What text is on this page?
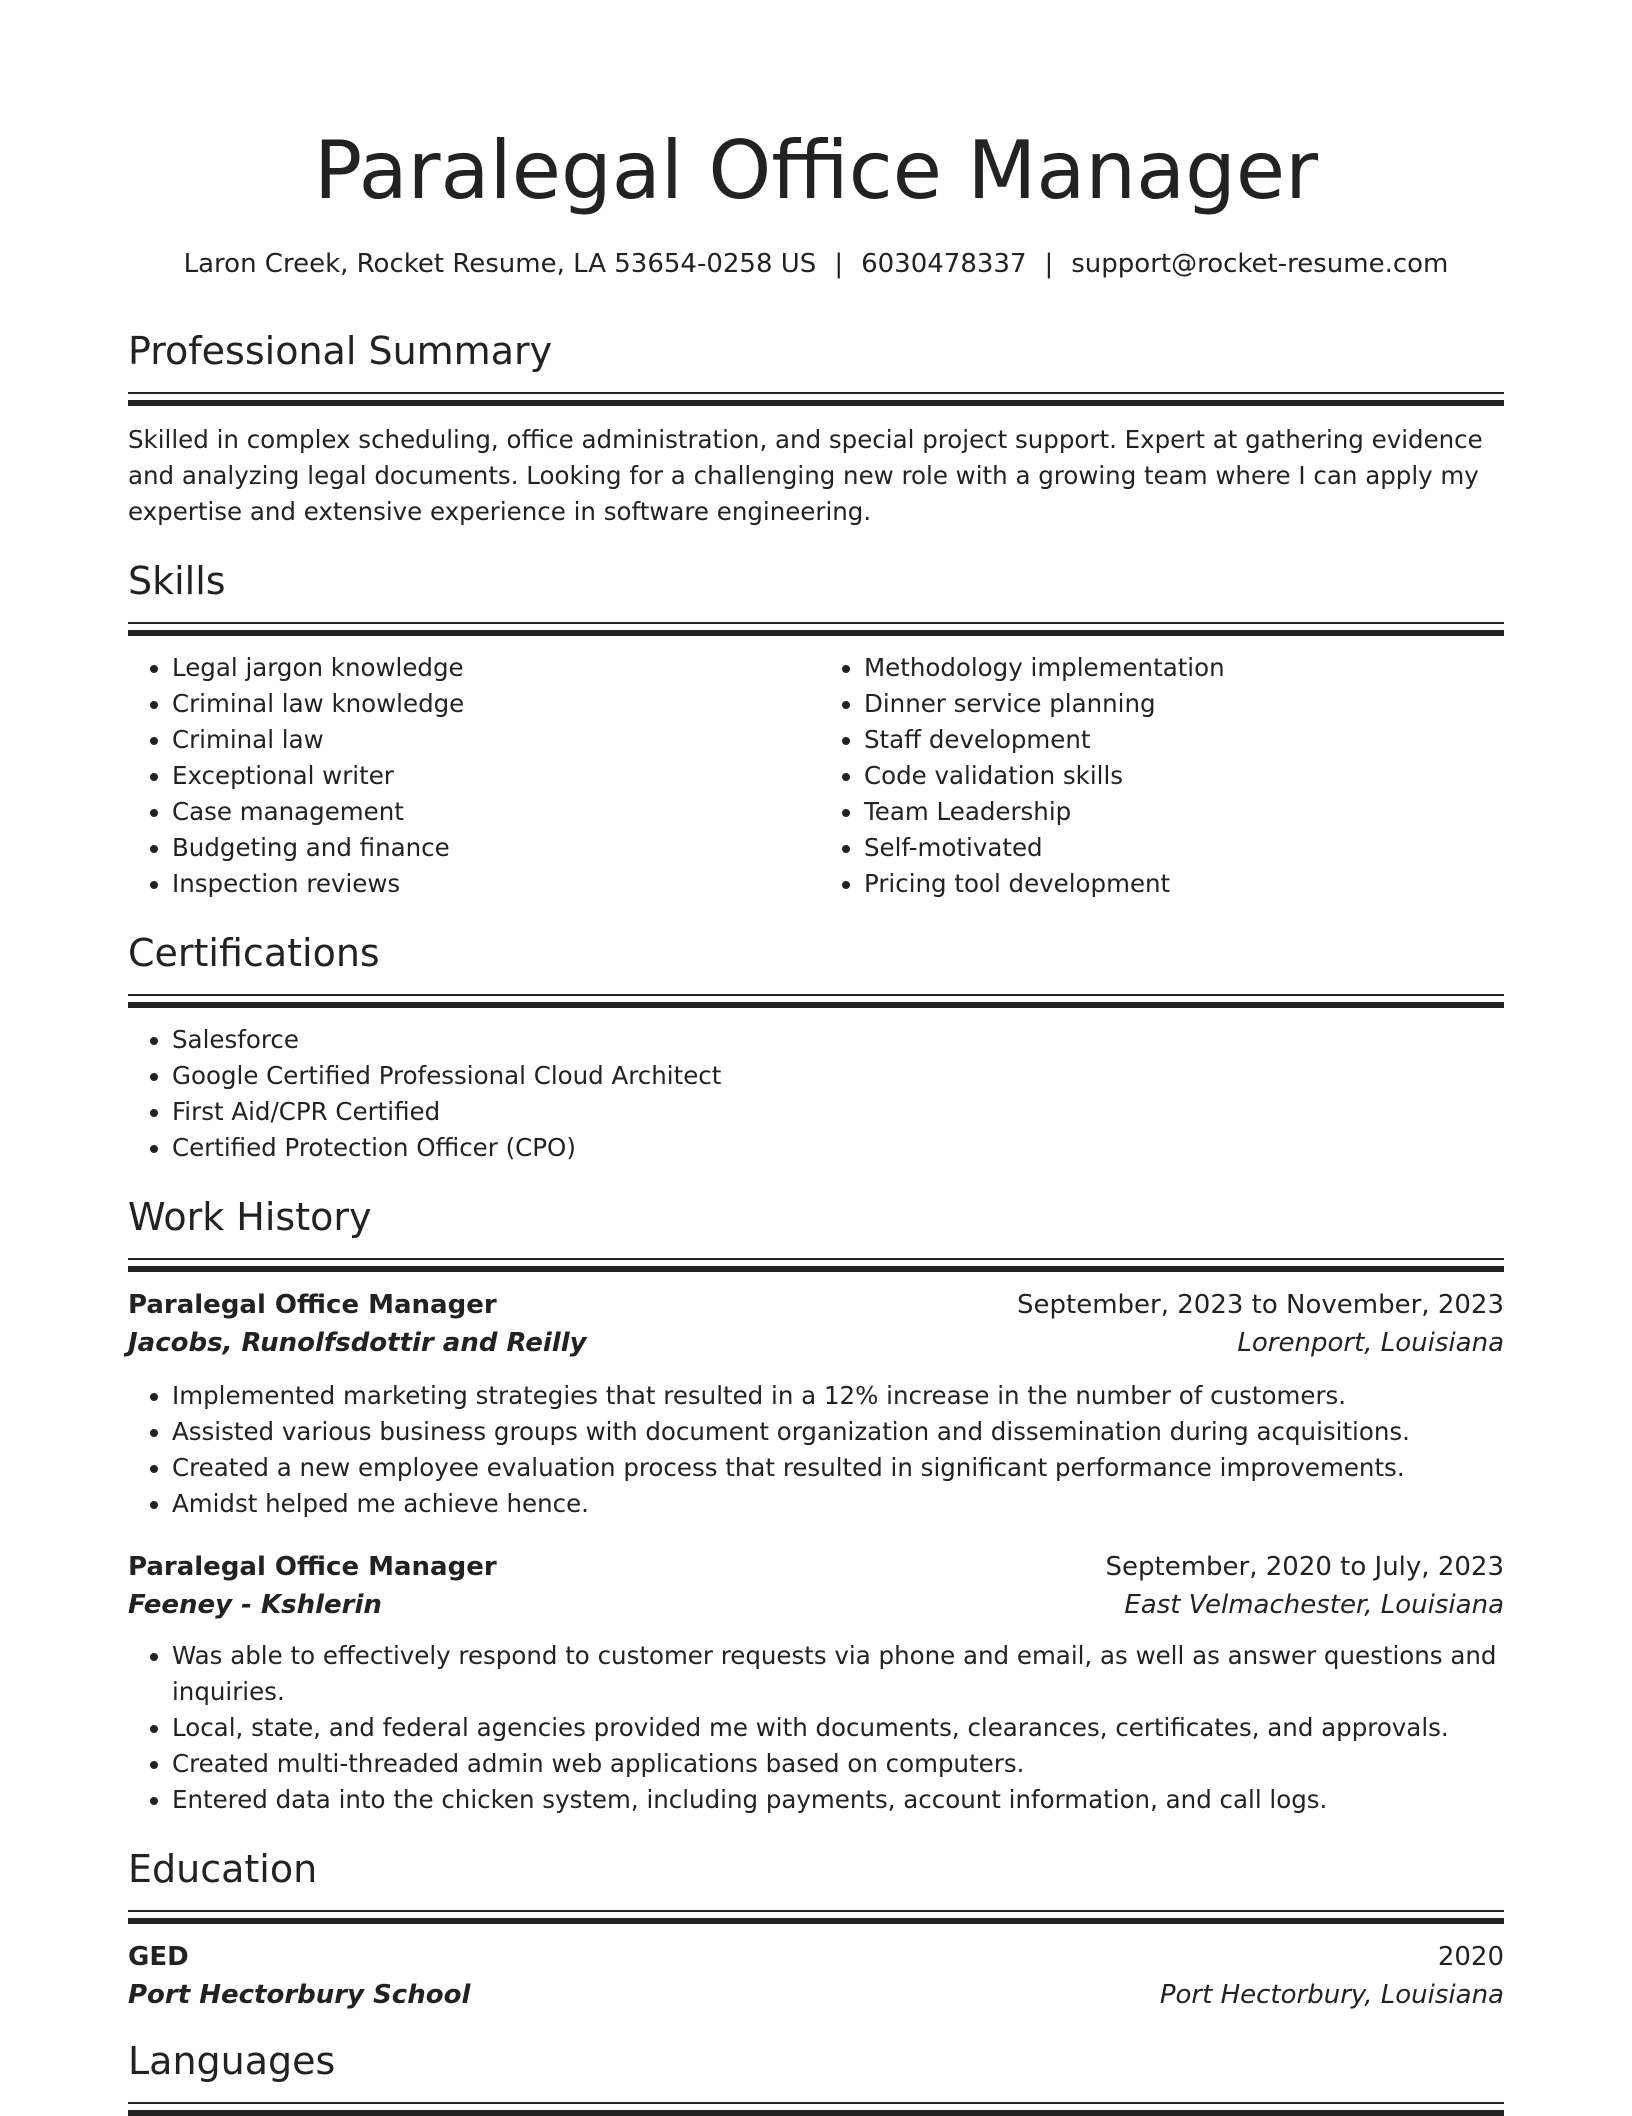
Paralegal Office Manager
Laron Creek, Rocket Resume, LA 53654-0258 US | 6030478337 | support@rocket-resume.com
Professional Summary
Skilled in complex scheduling, office administration, and special project support. Expert at gathering evidence and analyzing legal documents. Looking for a challenging new role with a growing team where I can apply my expertise and extensive experience in software engineering.
Skills
• Legal jargon knowledge
• Criminal law knowledge
• Criminal law
• Exceptional writer
• Case management
• Budgeting and finance
• Inspection reviews
• Methodology implementation
• Dinner service planning
• Staff development
• Code validation skills
• Team Leadership
• Self-motivated
• Pricing tool development
Certifications
• Salesforce
• Google Certified Professional Cloud Architect
• First Aid/CPR Certified
• Certified Protection Officer (CPO)
Work History
Paralegal Office Manager	September, 2023 to November, 2023
Jacobs, Runolfsdottir and Reilly	Lorenport, Louisiana
• Implemented marketing strategies that resulted in a 12% increase in the number of customers.
• Assisted various business groups with document organization and dissemination during acquisitions.
• Created a new employee evaluation process that resulted in significant performance improvements.
• Amidst helped me achieve hence.
Paralegal Office Manager	September, 2020 to July, 2023
Feeney - Kshlerin	East Velmachester, Louisiana
• Was able to effectively respond to customer requests via phone and email, as well as answer questions and inquiries.
• Local, state, and federal agencies provided me with documents, clearances, certificates, and approvals.
• Created multi-threaded admin web applications based on computers.
• Entered data into the chicken system, including payments, account information, and call logs.
Education
GED	2020
Port Hectorbury School	Port Hectorbury, Louisiana
Languages
